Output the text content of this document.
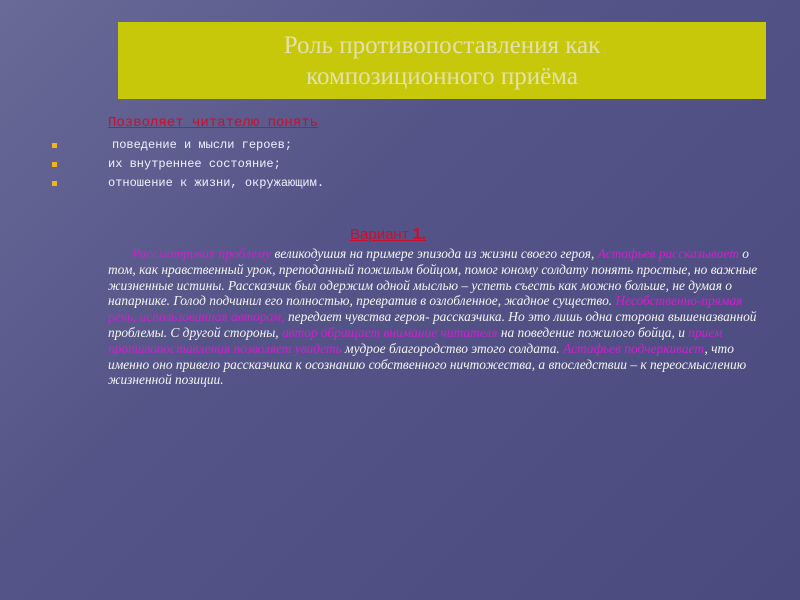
Роль противопоставления как
композиционного приёма
Позволяет читателю понять
поведение и мысли героев;
их внутреннее состояние;
отношение к жизни, окружающим.
Вариант 1.

Рассматривая проблему великодушия на примере эпизода из жизни своего героя, Астафьев рассказывает о том, как нравственный урок, преподанный пожилым бойцом, помог юному солдату понять простые, но важные жизненные истины. Рассказчик был одержим одной мыслью – успеть съесть как можно больше, не думая о напарнике. Голод подчинил его полностью, превратив в озлобленное, жадное существо. Несобственно-прямая речь, использованная автором, передает чувства героя- рассказчика. Но это лишь одна сторона вышеназванной проблемы. С другой стороны, автор обращает внимание читателя на поведение пожилого бойца, и прием противопоставления позволяет увидеть мудрое благородство этого солдата. Астафьев подчеркивает, что именно оно привело рассказчика к осознанию собственного ничтожества, а впоследствии – к переосмыслению жизненной позиции.
